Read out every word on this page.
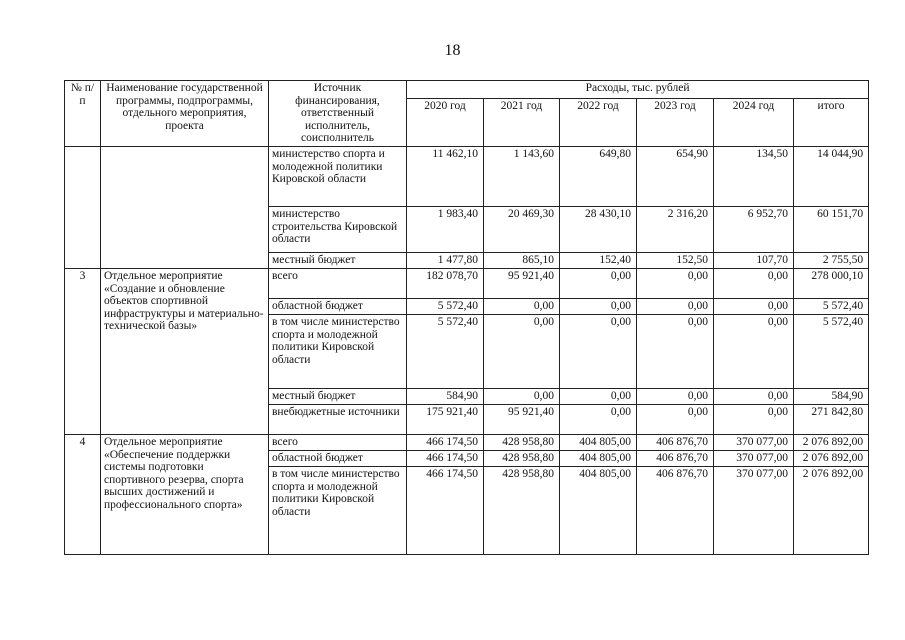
18
№ п/п	Наименование государственной программы, подпрограммы, отдельного мероприятия, проекта	Источник финансирования, ответственный исполнитель, соисполнитель	Расходы, тыс. рублей					
			2020 год	2021 год	2022 год	2023 год	2024 год	итого
		министерство спорта и молодежной политики Кировской области	11 462,10	1 143,60	649,80	654,90	134,50	14 044,90
		министерство строительства Кировской области	1 983,40	20 469,30	28 430,10	2 316,20	6 952,70	60 151,70
		местный бюджет	1 477,80	865,10	152,40	152,50	107,70	2 755,50
3	Отдельное мероприятие «Создание и обновление объектов спортивной инфраструктуры и материально-технической базы»	всего	182 078,70	95 921,40	0,00	0,00	0,00	278 000,10
		областной бюджет	5 572,40	0,00	0,00	0,00	0,00	5 572,40
		в том числе министерство спорта и молодежной политики Кировской области	5 572,40	0,00	0,00	0,00	0,00	5 572,40
		местный бюджет	584,90	0,00	0,00	0,00	0,00	584,90
		внебюджетные источники	175 921,40	95 921,40	0,00	0,00	0,00	271 842,80
4	Отдельное мероприятие «Обеспечение поддержки системы подготовки спортивного резерва, спорта высших достижений и профессионального спорта»	всего	466 174,50	428 958,80	404 805,00	406 876,70	370 077,00	2 076 892,00
		областной бюджет	466 174,50	428 958,80	404 805,00	406 876,70	370 077,00	2 076 892,00
		в том числе министерство спорта и молодежной политики Кировской области	466 174,50	428 958,80	404 805,00	406 876,70	370 077,00	2 076 892,00
